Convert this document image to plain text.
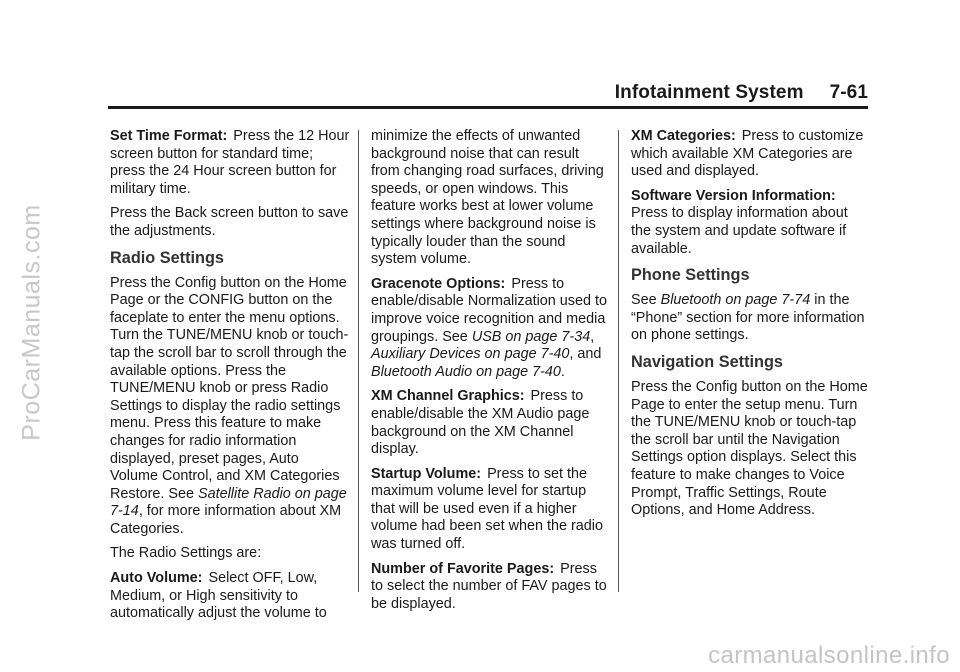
Infotainment System 7-61

Set Time Format: Press the 12 Hour screen button for standard time; press the 24 Hour screen button for military time.

Press the Back screen button to save the adjustments.

Radio Settings

Press the Config button on the Home Page or the CONFIG button on the faceplate to enter the menu options. Turn the TUNE/MENU knob or touch-tap the scroll bar to scroll through the available options. Press the TUNE/MENU knob or press Radio Settings to display the radio settings menu. Press this feature to make changes for radio information displayed, preset pages, Auto Volume Control, and XM Categories Restore. See Satellite Radio on page 7-14, for more information about XM Categories.

The Radio Settings are:

Auto Volume: Select OFF, Low, Medium, or High sensitivity to automatically adjust the volume to

minimize the effects of unwanted background noise that can result from changing road surfaces, driving speeds, or open windows. This feature works best at lower volume settings where background noise is typically louder than the sound system volume.

Gracenote Options: Press to enable/disable Normalization used to improve voice recognition and media groupings. See USB on page 7-34, Auxiliary Devices on page 7-40, and Bluetooth Audio on page 7-40.

XM Channel Graphics: Press to enable/disable the XM Audio page background on the XM Channel display.

Startup Volume: Press to set the maximum volume level for startup that will be used even if a higher volume had been set when the radio was turned off.

Number of Favorite Pages: Press to select the number of FAV pages to be displayed.

XM Categories: Press to customize which available XM Categories are used and displayed.

Software Version Information: Press to display information about the system and update software if available.

Phone Settings

See Bluetooth on page 7-74 in the “Phone” section for more information on phone settings.

Navigation Settings

Press the Config button on the Home Page to enter the setup menu. Turn the TUNE/MENU knob or touch-tap the scroll bar until the Navigation Settings option displays. Select this feature to make changes to Voice Prompt, Traffic Settings, Route Options, and Home Address.

ProCarManuals.com
carmanualsonline.info
